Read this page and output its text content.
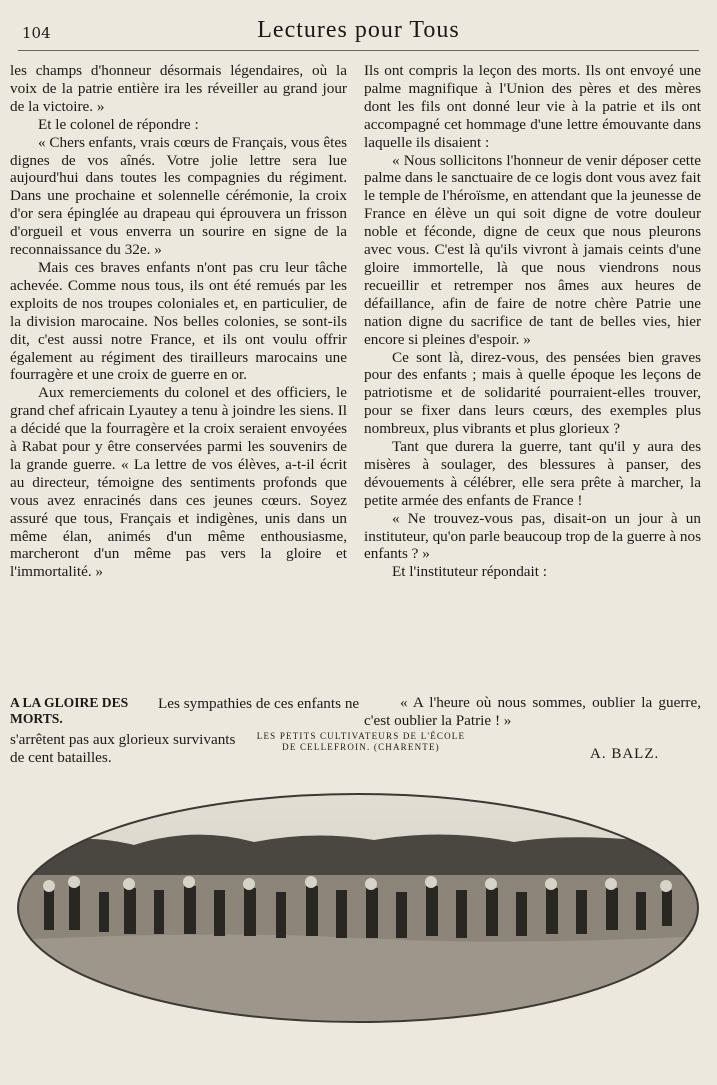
104	Lectures pour Tous

les champs d'honneur désormais légendaires, où la voix de la patrie entière ira les réveiller au grand jour de la victoire. »

Et le colonel de répondre :

« Chers enfants, vrais cœurs de Français, vous êtes dignes de vos aînés. Votre jolie lettre sera lue aujourd'hui dans toutes les compagnies du régiment. Dans une prochaine et solennelle cérémonie, la croix d'or sera épinglée au drapeau qui éprouvera un frisson d'orgueil et vous enverra un sourire en signe de la reconnaissance du 32e. »

Mais ces braves enfants n'ont pas cru leur tâche achevée. Comme nous tous, ils ont été remués par les exploits de nos troupes coloniales et, en particulier, de la division marocaine. Nos belles colonies, se sont-ils dit, c'est aussi notre France, et ils ont voulu offrir également au régiment des tirailleurs marocains une fourragère et une croix de guerre en or.

Aux remerciements du colonel et des officiers, le grand chef africain Lyautey a tenu à joindre les siens. Il a décidé que la fourragère et la croix seraient envoyées à Rabat pour y être conservées parmi les souvenirs de la grande guerre. « La lettre de vos élèves, a-t-il écrit au directeur, témoigne des sentiments profonds que vous avez enracinés dans ces jeunes cœurs. Soyez assuré que tous, Français et indigènes, unis dans un même élan, animés d'un même enthousiasme, marcheront d'un même pas vers la gloire et l'immortalité. »

Ils ont compris la leçon des morts. Ils ont envoyé une palme magnifique à l'Union des pères et des mères dont les fils ont donné leur vie à la patrie et ils ont accompagné cet hommage d'une lettre émouvante dans laquelle ils disaient :

« Nous sollicitons l'honneur de venir déposer cette palme dans le sanctuaire de ce logis dont vous avez fait le temple de l'héroïsme, en attendant que la jeunesse de France en élève un qui soit digne de votre douleur noble et féconde, digne de ceux que nous pleurons avec vous. C'est là qu'ils vivront à jamais ceints d'une gloire immortelle, là que nous viendrons nous recueillir et retremper nos âmes aux heures de défaillance, afin de faire de notre chère Patrie une nation digne du sacrifice de tant de belles vies, hier encore si pleines d'espoir. »

Ce sont là, direz-vous, des pensées bien graves pour des enfants ; mais à quelle époque les leçons de patriotisme et de solidarité pourraient-elles trouver, pour se fixer dans leurs cœurs, des exemples plus nombreux, plus vibrants et plus glorieux ?

Tant que durera la guerre, tant qu'il y aura des misères à soulager, des blessures à panser, des dévouements à célébrer, elle sera prête à marcher, la petite armée des enfants de France !

« Ne trouvez-vous pas, disait-on un jour à un instituteur, qu'on parle beaucoup trop de la guerre à nos enfants ? »

Et l'instituteur répondait :

A LA GLOIRE DES MORTS.
Les sympathies de ces enfants ne
s'arrêtent pas aux glorieux survivants de cent batailles.
LES PETITS CULTIVATEURS DE L'ÉCOLE DE CELLEFROIN. (CHARENTE)

« A l'heure où nous sommes, oublier la guerre, c'est oublier la Patrie ! »

A. BALZ.
